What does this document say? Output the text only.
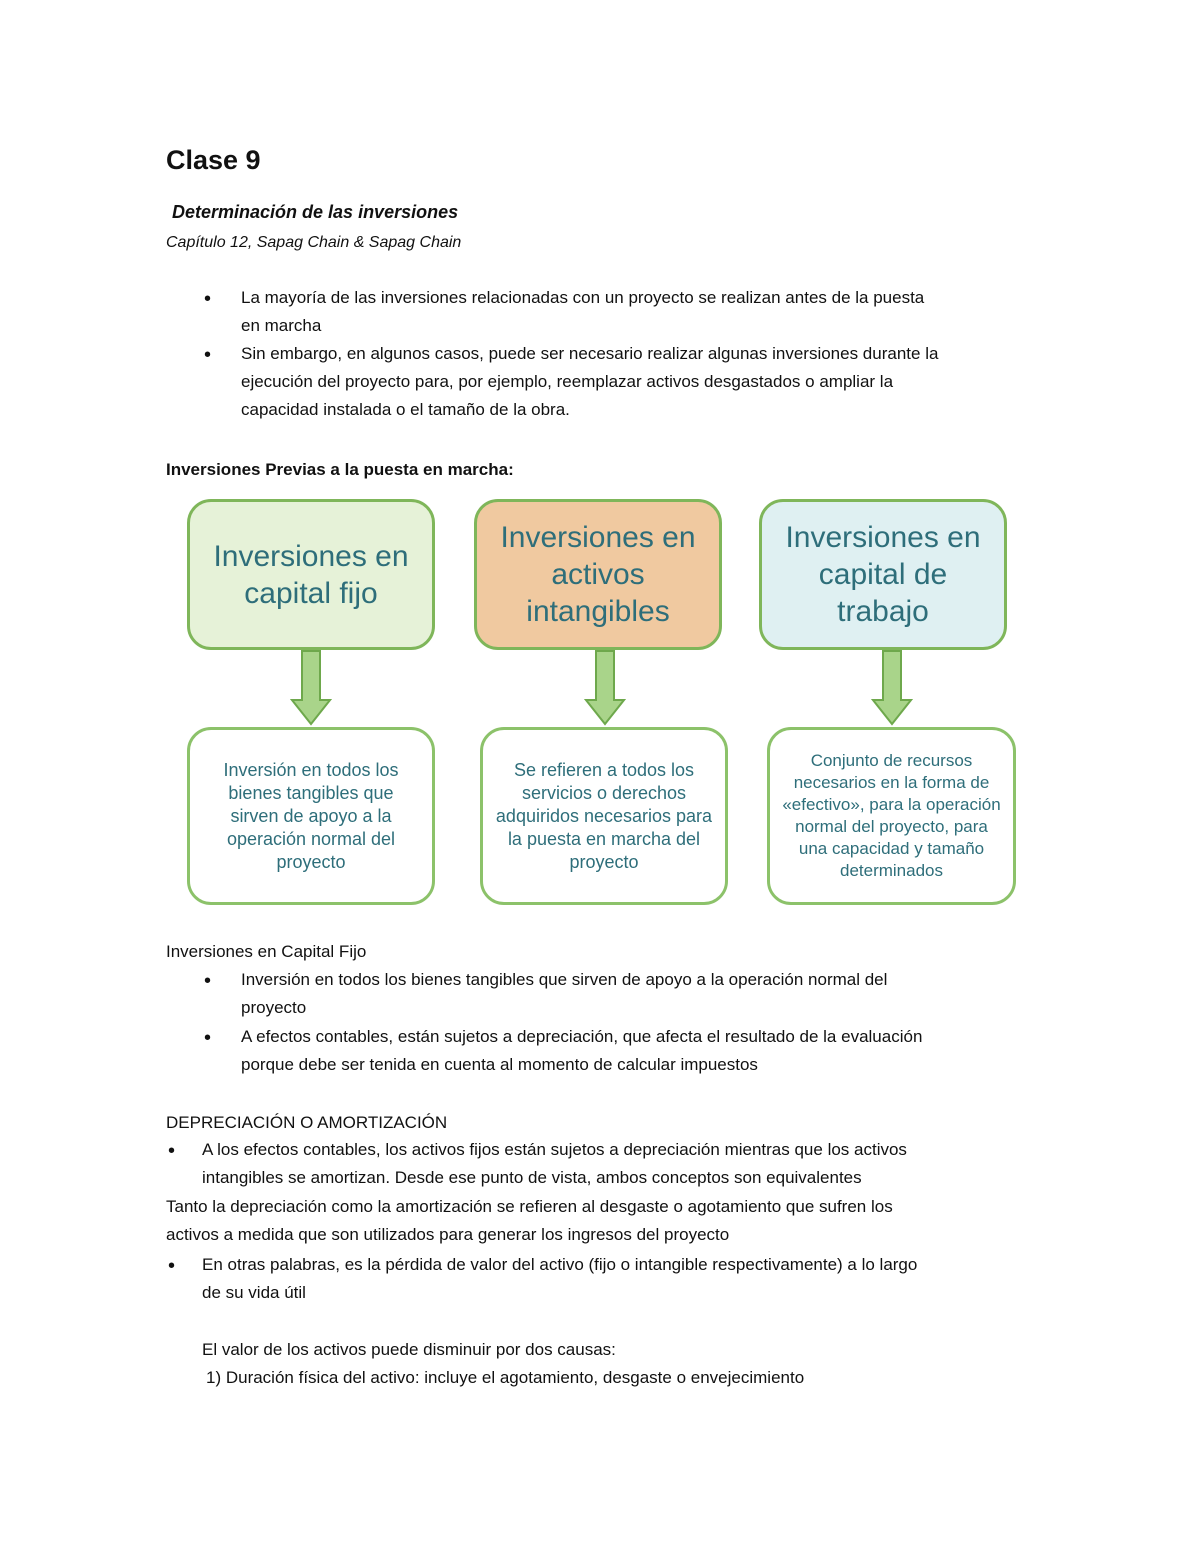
Clase 9
Determinación de las inversiones
Capítulo 12, Sapag Chain & Sapag Chain
• La mayoría de las inversiones relacionadas con un proyecto se realizan antes de la puesta
en marcha
• Sin embargo, en algunos casos, puede ser necesario realizar algunas inversiones durante la
ejecución del proyecto para, por ejemplo, reemplazar activos desgastados o ampliar la
capacidad instalada o el tamaño de la obra.
Inversiones Previas a la puesta en marcha:
Inversiones en capital fijo
Inversiones en activos intangibles
Inversiones en capital de trabajo
Inversión en todos los bienes tangibles que sirven de apoyo a la operación normal del proyecto
Se refieren a todos los servicios o derechos adquiridos necesarios para la puesta en marcha del proyecto
Conjunto de recursos necesarios en la forma de «efectivo», para la operación normal del proyecto, para una capacidad y tamaño determinados
Inversiones en Capital Fijo
• Inversión en todos los bienes tangibles que sirven de apoyo a la operación normal del
proyecto
• A efectos contables, están sujetos a depreciación, que afecta el resultado de la evaluación
porque debe ser tenida en cuenta al momento de calcular impuestos
DEPRECIACIÓN O AMORTIZACIÓN
• A los efectos contables, los activos fijos están sujetos a depreciación mientras que los activos
intangibles se amortizan. Desde ese punto de vista, ambos conceptos son equivalentes
Tanto la depreciación como la amortización se refieren al desgaste o agotamiento que sufren los
activos a medida que son utilizados para generar los ingresos del proyecto
• En otras palabras, es la pérdida de valor del activo (fijo o intangible respectivamente) a lo largo
de su vida útil
El valor de los activos puede disminuir por dos causas:
1) Duración física del activo: incluye el agotamiento, desgaste o envejecimiento
